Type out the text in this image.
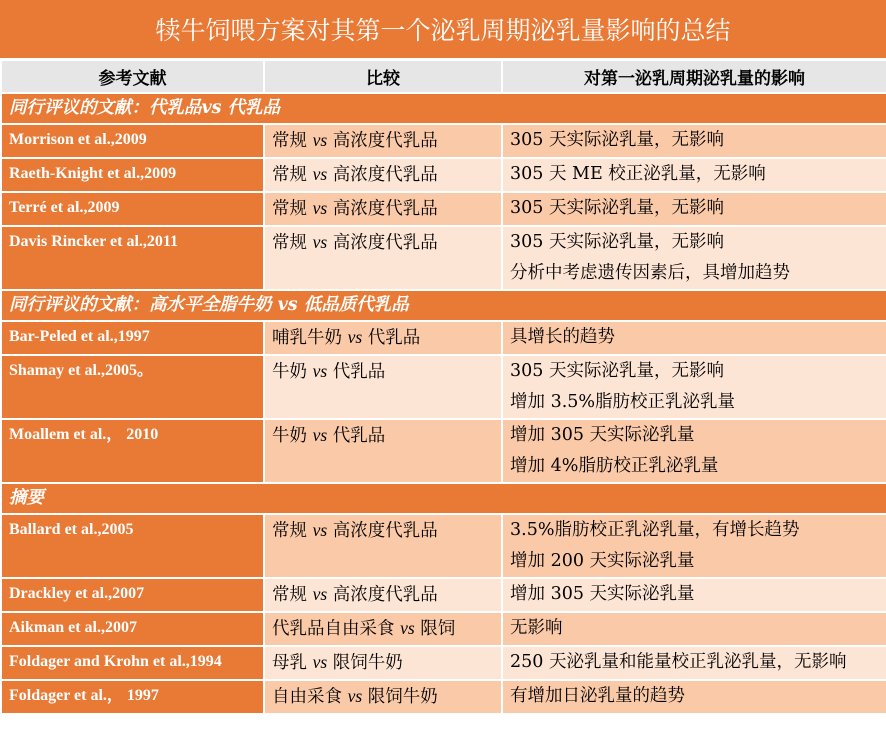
犊牛饲喂方案对其第一个泌乳周期泌乳量影响的总结
参考文献	比较	对第一泌乳周期泌乳量的影响
同行评议的文献：代乳品vs 代乳品		
Morrison et al.,2009	常规 vs 高浓度代乳品	305 天实际泌乳量，无影响

Raeth-Knight et al.,2009	常规 vs 高浓度代乳品	305 天 ME 校正泌乳量，无影响

Terré et al.,2009	常规 vs 高浓度代乳品	305 天实际泌乳量，无影响

Davis Rincker et al.,2011	常规 vs 高浓度代乳品	305 天实际泌乳量，无影响
分析中考虑遗传因素后，具增加趋势

同行评议的文献：高水平全脂牛奶 vs 低品质代乳品		
Bar-Peled et al.,1997	哺乳牛奶 vs 代乳品	具增长的趋势

Shamay et al.,2005。	牛奶 vs 代乳品	305 天实际泌乳量，无影响
增加 3.5%脂肪校正乳泌乳量

Moallem et al.， 2010	牛奶 vs 代乳品	增加 305 天实际泌乳量
增加 4%脂肪校正乳泌乳量

摘要		
Ballard et al.,2005	常规 vs 高浓度代乳品	3.5%脂肪校正乳泌乳量，有增长趋势
增加 200 天实际泌乳量

Drackley et al.,2007	常规 vs 高浓度代乳品	增加 305 天实际泌乳量

Aikman et al.,2007	代乳品自由采食 vs 限饲	无影响

Foldager and Krohn et al.,1994	母乳 vs 限饲牛奶	250 天泌乳量和能量校正乳泌乳量，无影响

Foldager et al.， 1997	自由采食 vs 限饲牛奶	有增加日泌乳量的趋势
